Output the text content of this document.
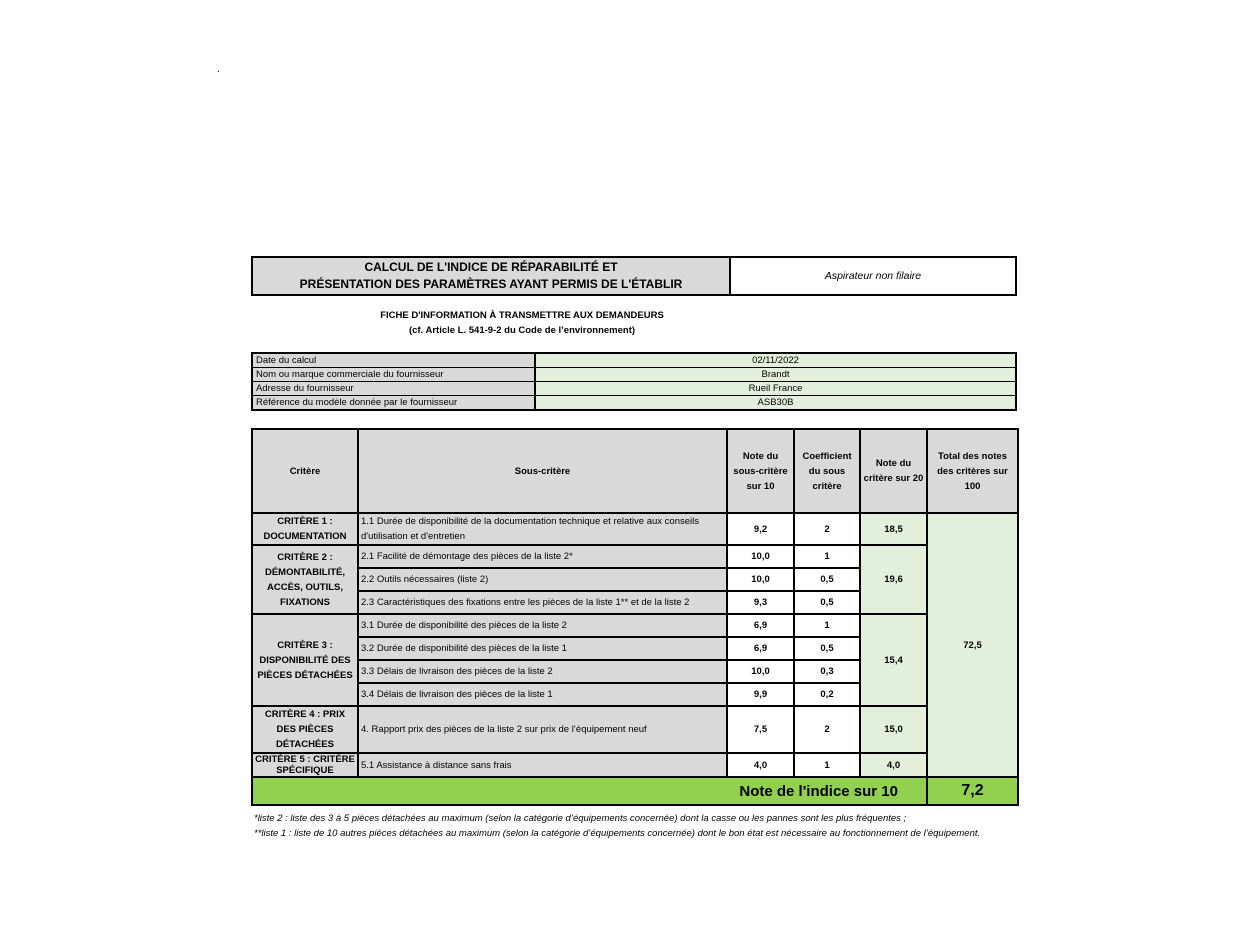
.
CALCUL DE L'INDICE DE RÉPARABILITÉ ET
PRÉSENTATION DES PARAMÈTRES AYANT PERMIS DE L'ÉTABLIR
Aspirateur non filaire
FICHE D'INFORMATION À TRANSMETTRE AUX DEMANDEURS
(cf. Article L. 541-9-2 du Code de l’environnement)
Date du calcul	02/11/2022
Nom ou marque commerciale du fournisseur	Brandt
Adresse du fournisseur	Rueil France
Référence du modèle donnée par le fournisseur	ASB30B
Critère	Sous-critère	Note du sous-critère sur 10	Coefficient du sous critère	Note du critère sur 20	Total des notes des critères sur 100
CRITÈRE 1 : DOCUMENTATION	1.1 Durée de disponibilité de la documentation technique et relative aux conseils d'utilisation et d'entretien	9,2	2	18,5	72,5
CRITÈRE 2 : DÉMONTABILITÉ, ACCÈS, OUTILS, FIXATIONS	2.1 Facilité de démontage des pièces de la liste 2*	10,0	1	19,6	
	2.2 Outils nécessaires (liste 2)	10,0	0,5		
	2.3 Caractéristiques des fixations entre les pièces de la liste 1** et de la liste 2	9,3	0,5		
CRITÈRE 3 : DISPONIBILITÉ DES PIÈCES DÉTACHÉES	3.1 Durée de disponibilité des pièces de la liste 2	6,9	1	15,4	
	3.2 Durée de disponibilité des pièces de la liste 1	6,9	0,5		
	3.3 Délais de livraison des pièces de la liste 2	10,0	0,3		
	3.4 Délais de livraison des pièces de la liste 1	9,9	0,2		
CRITÈRE 4 : PRIX DES PIÈCES DÉTACHÉES	4. Rapport prix des pièces de la liste 2 sur prix de l’équipement neuf	7,5	2	15,0	
CRITÈRE 5 : CRITÈRE SPÉCIFIQUE	5.1 Assistance à distance sans frais	4,0	1	4,0	
Note de l'indice sur 10					7,2
*liste 2 : liste des 3 à 5 pièces détachées au maximum (selon la catégorie d’équipements concernée) dont la casse ou les pannes sont les plus fréquentes ;
**liste 1 : liste de 10 autres pièces détachées au maximum (selon la catégorie d’équipements concernée) dont le bon état est nécessaire au fonctionnement de l’équipement.
